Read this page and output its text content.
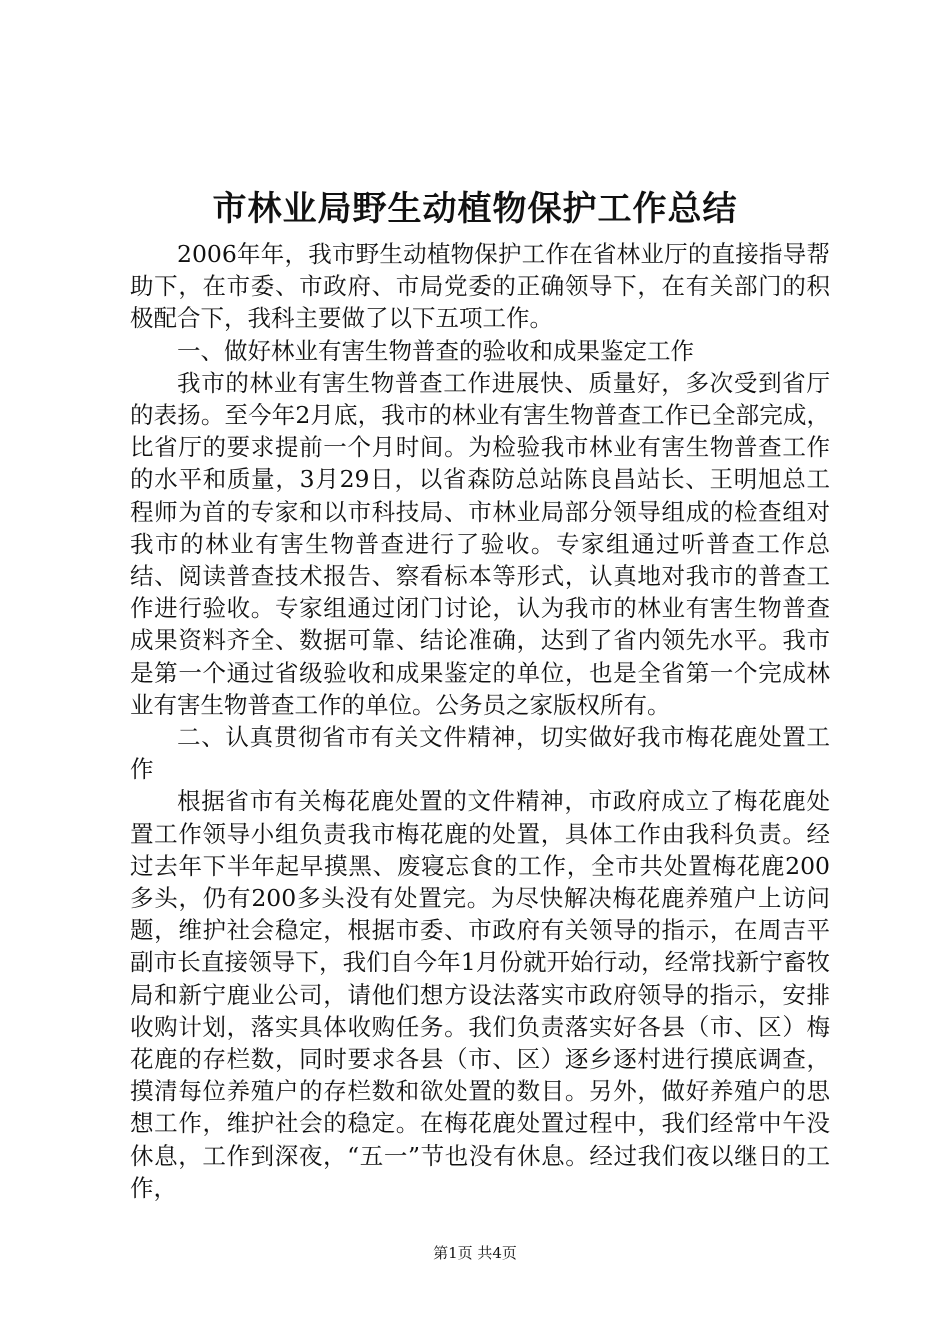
市林业局野生动植物保护工作总结

2006年年，我市野生动植物保护工作在省林业厅的直接指导帮助下，在市委、市政府、市局党委的正确领导下，在有关部门的积极配合下，我科主要做了以下五项工作。

一、做好林业有害生物普查的验收和成果鉴定工作

我市的林业有害生物普查工作进展快、质量好，多次受到省厅的表扬。至今年2月底，我市的林业有害生物普查工作已全部完成，比省厅的要求提前一个月时间。为检验我市林业有害生物普查工作的水平和质量，3月29日，以省森防总站陈良昌站长、王明旭总工程师为首的专家和以市科技局、市林业局部分领导组成的检查组对我市的林业有害生物普查进行了验收。专家组通过听普查工作总结、阅读普查技术报告、察看标本等形式，认真地对我市的普查工作进行验收。专家组通过闭门讨论，认为我市的林业有害生物普查成果资料齐全、数据可靠、结论准确，达到了省内领先水平。我市是第一个通过省级验收和成果鉴定的单位，也是全省第一个完成林业有害生物普查工作的单位。公务员之家版权所有。

二、认真贯彻省市有关文件精神，切实做好我市梅花鹿处置工作

根据省市有关梅花鹿处置的文件精神，市政府成立了梅花鹿处置工作领导小组负责我市梅花鹿的处置，具体工作由我科负责。经过去年下半年起早摸黑、废寝忘食的工作，全市共处置梅花鹿200多头，仍有200多头没有处置完。为尽快解决梅花鹿养殖户上访问题，维护社会稳定，根据市委、市政府有关领导的指示，在周吉平副市长直接领导下，我们自今年1月份就开始行动，经常找新宁畜牧局和新宁鹿业公司，请他们想方设法落实市政府领导的指示，安排收购计划，落实具体收购任务。我们负责落实好各县（市、区）梅花鹿的存栏数，同时要求各县（市、区）逐乡逐村进行摸底调查，摸清每位养殖户的存栏数和欲处置的数目。另外，做好养殖户的思想工作，维护社会的稳定。在梅花鹿处置过程中，我们经常中午没休息，工作到深夜，“五一”节也没有休息。经过我们夜以继日的工作，

第1页 共4页
